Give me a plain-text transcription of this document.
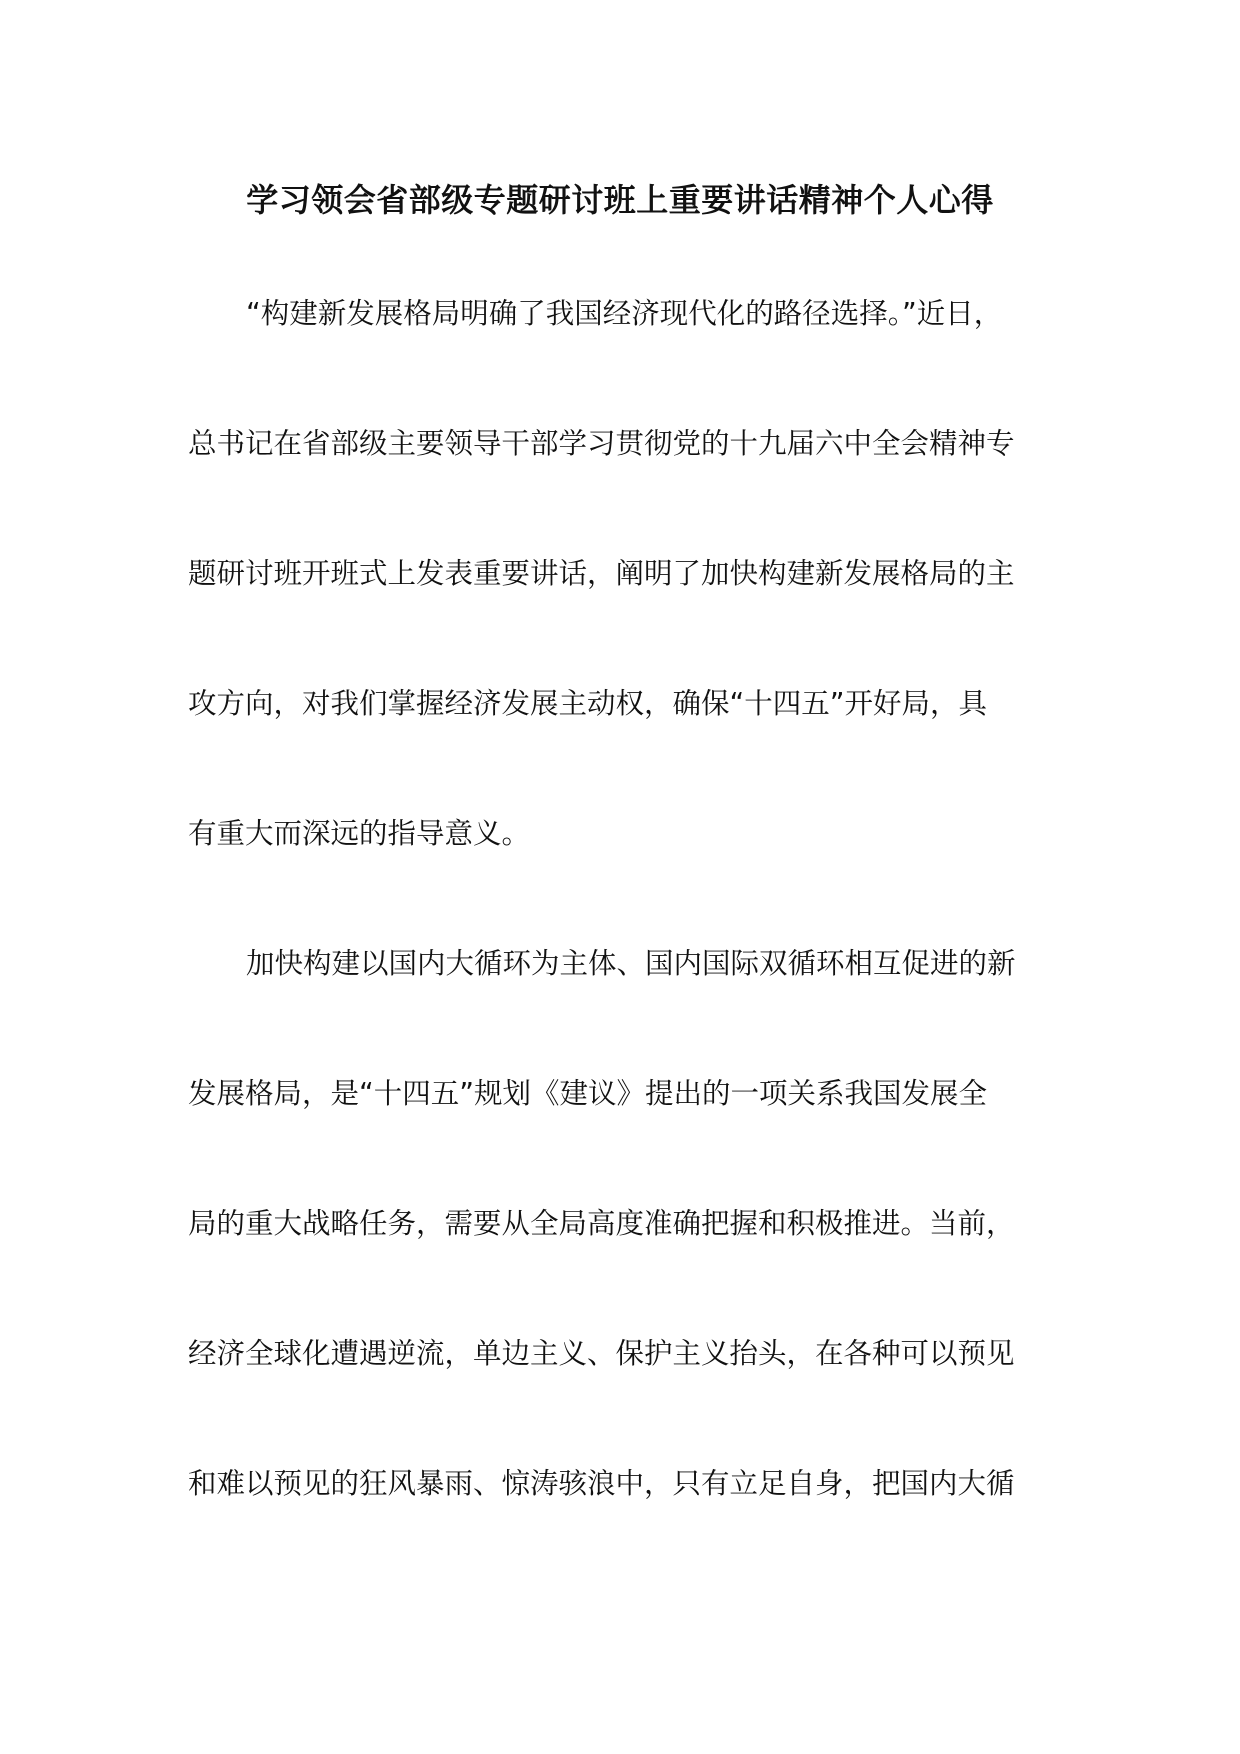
学习领会省部级专题研讨班上重要讲话精神个人心得

“构建新发展格局明确了我国经济现代化的路径选择。”近日，

总书记在省部级主要领导干部学习贯彻党的十九届六中全会精神专

题研讨班开班式上发表重要讲话，阐明了加快构建新发展格局的主

攻方向，对我们掌握经济发展主动权，确保“十四五”开好局，具

有重大而深远的指导意义。

加快构建以国内大循环为主体、国内国际双循环相互促进的新

发展格局，是“十四五”规划《建议》提出的一项关系我国发展全

局的重大战略任务，需要从全局高度准确把握和积极推进。当前，

经济全球化遭遇逆流，单边主义、保护主义抬头，在各种可以预见

和难以预见的狂风暴雨、惊涛骇浪中，只有立足自身，把国内大循
